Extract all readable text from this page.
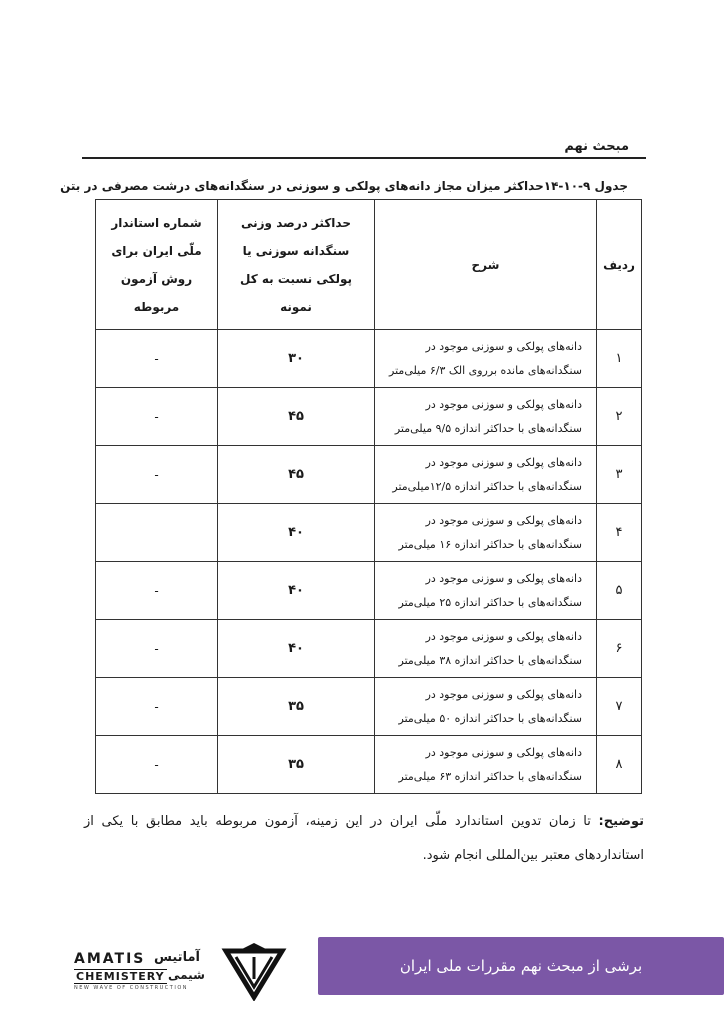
مبحث نهم
جدول ۹-۱۰-۱۴حداکثر میزان مجاز دانه‌های پولکی و سوزنی در سنگدانه‌های درشت مصرفی در بتن
ردیف	شرح	حداکثر درصد وزنی سنگدانه سوزنی یا پولکی نسبت به کل نمونه	شماره استاندار ملّی ایران برای روش آزمون مربوطه
۱	دانه‌های پولکی و سوزنی موجود در
سنگدانه‌های مانده برروی الک ۶/۳ میلی‌متر	۳۰	-
۲	دانه‌های پولکی و سوزنی موجود در
سنگدانه‌های با حداکثر اندازه ۹/۵ میلی‌متر	۴۵	-
۳	دانه‌های پولکی و سوزنی موجود در
سنگدانه‌های با حداکثر اندازه ۱۲/۵میلی‌متر	۴۵	-
۴	دانه‌های پولکی و سوزنی موجود در
سنگدانه‌های با حداکثر اندازه ۱۶ میلی‌متر	۴۰	
۵	دانه‌های پولکی و سوزنی موجود در
سنگدانه‌های با حداکثر اندازه ۲۵ میلی‌متر	۴۰	-
۶	دانه‌های پولکی و سوزنی موجود در
سنگدانه‌های با حداکثر اندازه ۳۸ میلی‌متر	۴۰	-
۷	دانه‌های پولکی و سوزنی موجود در
سنگدانه‌های با حداکثر اندازه ۵۰ میلی‌متر	۳۵	-
۸	دانه‌های پولکی و سوزنی موجود در
سنگدانه‌های با حداکثر اندازه ۶۳ میلی‌متر	۳۵	-
توضیح: تا زمان تدوین استاندارد ملّی ایران در این زمینه، آزمون مربوطه باید مطابق با یکی از استانداردهای معتبر بین‌المللی انجام شود.
AMATIS آماتیس
CHEMISTERY شیمی
NEW WAVE OF CONSTRUCTION
برشی از مبحث نهم مقررات ملی ایران
